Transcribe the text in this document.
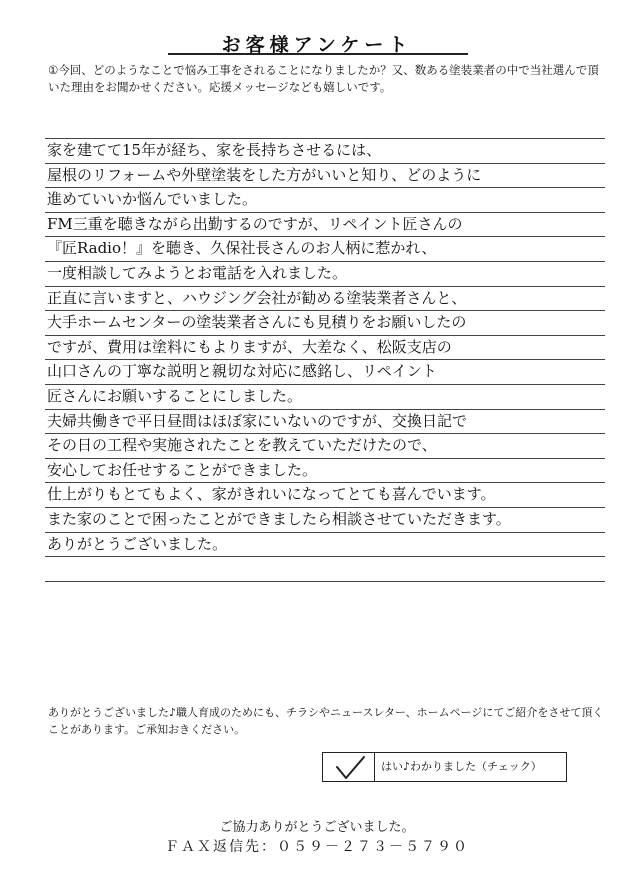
お客様アンケート
①今回、どのようなことで悩み工事をされることになりましたか？又、数ある塗装業者の中で当社選んで頂いた理由をお聞かせください。応援メッセージなども嬉しいです。
家を建てて15年が経ち、家を長持ちさせるには、
屋根のリフォームや外壁塗装をした方がいいと知り、どのように
進めていいか悩んでいました。
FM三重を聴きながら出勤するのですが、リペイント匠さんの
『匠Radio！』を聴き、久保社長さんのお人柄に惹かれ、
一度相談してみようとお電話を入れました。
正直に言いますと、ハウジング会社が勧める塗装業者さんと、
大手ホームセンターの塗装業者さんにも見積りをお願いしたの
ですが、費用は塗料にもよりますが、大差なく、松阪支店の
山口さんの丁寧な説明と親切な対応に感銘し、リペイント
匠さんにお願いすることにしました。
夫婦共働きで平日昼間はほぼ家にいないのですが、交換日記で
その日の工程や実施されたことを教えていただけたので、
安心してお任せすることができました。
仕上がりもとてもよく、家がきれいになってとても喜んでいます。
また家のことで困ったことができましたら相談させていただきます。
ありがとうございました。
ありがとうございました♪職人育成のためにも、チラシやニュースレター、ホームページにてご紹介をさせて頂くことがあります。ご承知おきください。
はい♪わかりました（チェック）
ご協力ありがとうございました。
ＦＡＸ返信先：０５９－２７３－５７９０
